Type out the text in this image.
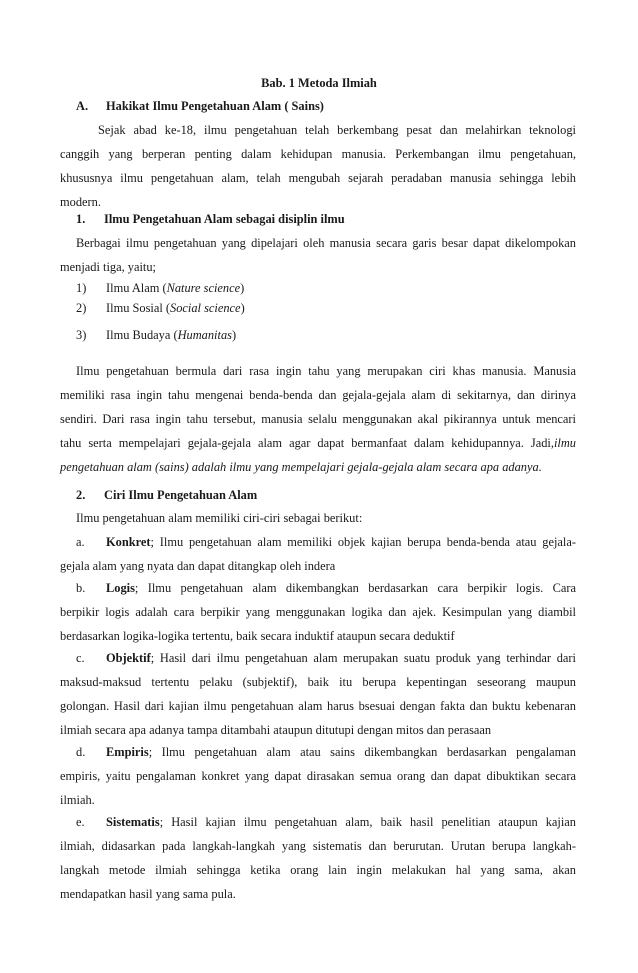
Bab. 1 Metoda Ilmiah
A. Hakikat Ilmu Pengetahuan Alam ( Sains)
Sejak abad ke-18, ilmu pengetahuan telah berkembang pesat dan melahirkan teknologi
canggih yang berperan penting dalam kehidupan manusia. Perkembangan ilmu pengetahuan,
khususnya ilmu pengetahuan alam, telah mengubah sejarah peradaban manusia sehingga lebih
modern.
1. Ilmu Pengetahuan Alam sebagai disiplin ilmu
Berbagai ilmu pengetahuan yang dipelajari oleh manusia secara garis besar dapat dikelompokan
menjadi tiga, yaitu;
1) Ilmu Alam (Nature science)
2) Ilmu Sosial (Social science)
3) Ilmu Budaya (Humanitas)
Ilmu pengetahuan bermula dari rasa ingin tahu yang merupakan ciri khas manusia. Manusia
memiliki rasa ingin tahu mengenai benda-benda dan gejala-gejala alam di sekitarnya, dan dirinya
sendiri. Dari rasa ingin tahu tersebut, manusia selalu menggunakan akal pikirannya untuk mencari
tahu serta mempelajari gejala-gejala alam agar dapat bermanfaat dalam kehidupannya. Jadi,ilmu
pengetahuan alam (sains) adalah ilmu yang mempelajari gejala-gejala alam secara apa adanya.
2. Ciri Ilmu Pengetahuan Alam
Ilmu pengetahuan alam memiliki ciri-ciri sebagai berikut:
a. Konkret; Ilmu pengetahuan alam memiliki objek kajian berupa benda-benda atau gejala-
gejala alam yang nyata dan dapat ditangkap oleh indera
b. Logis; Ilmu pengetahuan alam dikembangkan berdasarkan cara berpikir logis. Cara
berpikir logis adalah cara berpikir yang menggunakan logika dan ajek. Kesimpulan yang diambil
berdasarkan logika-logika tertentu, baik secara induktif ataupun secara deduktif
c. Objektif; Hasil dari ilmu pengetahuan alam merupakan suatu produk yang terhindar dari
maksud-maksud tertentu pelaku (subjektif), baik itu berupa kepentingan seseorang maupun
golongan. Hasil dari kajian ilmu pengetahuan alam harus bsesuai dengan fakta dan buktu kebenaran
ilmiah secara apa adanya tampa ditambahi ataupun ditutupi dengan mitos dan perasaan
d. Empiris; Ilmu pengetahuan alam atau sains dikembangkan berdasarkan pengalaman
empiris, yaitu pengalaman konkret yang dapat dirasakan semua orang dan dapat dibuktikan secara
ilmiah.
e. Sistematis; Hasil kajian ilmu pengetahuan alam, baik hasil penelitian ataupun kajian
ilmiah, didasarkan pada langkah-langkah yang sistematis dan berurutan. Urutan berupa langkah-
langkah metode ilmiah sehingga ketika orang lain ingin melakukan hal yang sama, akan
mendapatkan hasil yang sama pula.
